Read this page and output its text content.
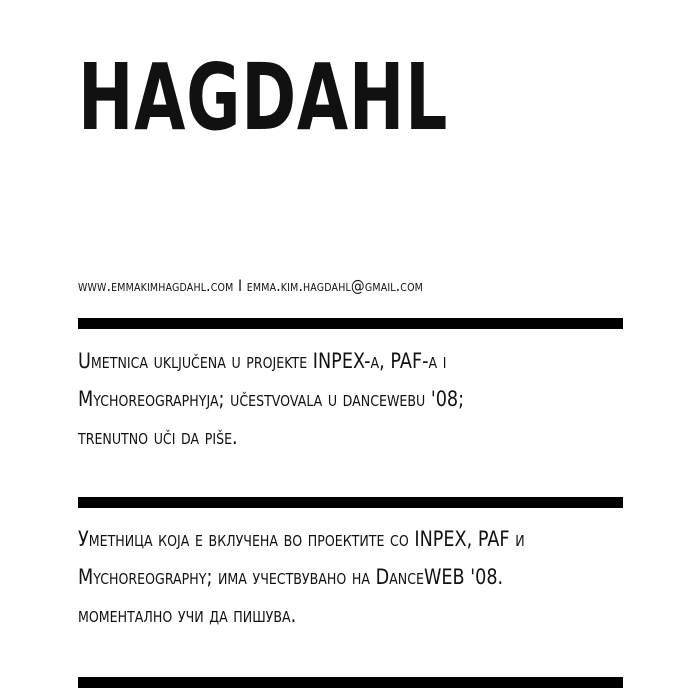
HAGDAHL
www.emmakimhagdahl.com I emma.kim.hagdahl@gmail.com

Umetnica uključena u projekte INPEX-a, PAF-a i
Mychoreographyja; učestvovala u dancewebu '08;
trenutno uči da piše.

Уметница која е вклучена во проектите со INPEX, PAF и
Mychoreography; има учествувано на DanceWEB '08.
моментално учи да пишува.
